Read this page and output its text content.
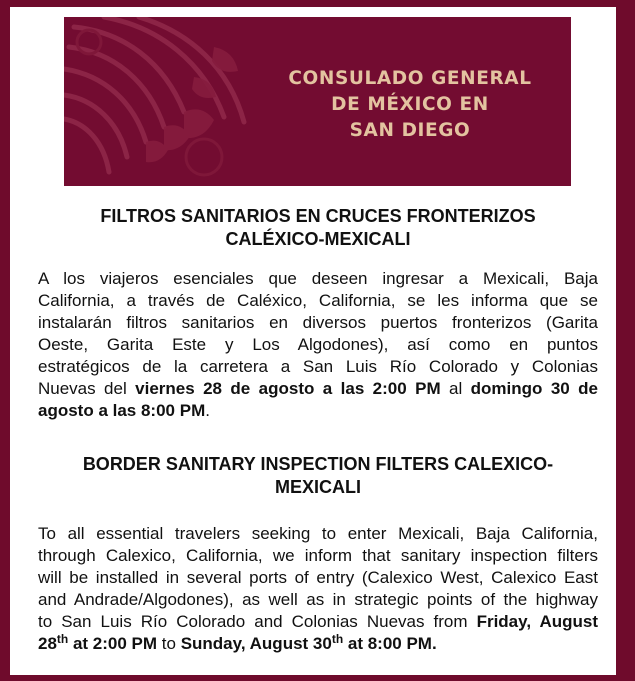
CONSULADO GENERAL
DE MÉXICO EN
SAN DIEGO
FILTROS SANITARIOS EN CRUCES FRONTERIZOS
CALÉXICO-MEXICALI
A los viajeros esenciales que deseen ingresar a Mexicali, Baja
California, a través de Caléxico, California, se les informa que se
instalarán filtros sanitarios en diversos puertos fronterizos (Garita
Oeste, Garita Este y Los Algodones), así como en puntos
estratégicos de la carretera a San Luis Río Colorado y Colonias
Nuevas del viernes 28 de agosto a las 2:00 PM al domingo 30 de
agosto a las 8:00 PM.
BORDER SANITARY INSPECTION FILTERS CALEXICO-
MEXICALI
To all essential travelers seeking to enter Mexicali, Baja California,
through Calexico, California, we inform that sanitary inspection filters
will be installed in several ports of entry (Calexico West, Calexico East
and Andrade/Algodones), as well as in strategic points of the highway
to San Luis Río Colorado and Colonias Nuevas from Friday, August
28th at 2:00 PM to Sunday, August 30th at 8:00 PM.
